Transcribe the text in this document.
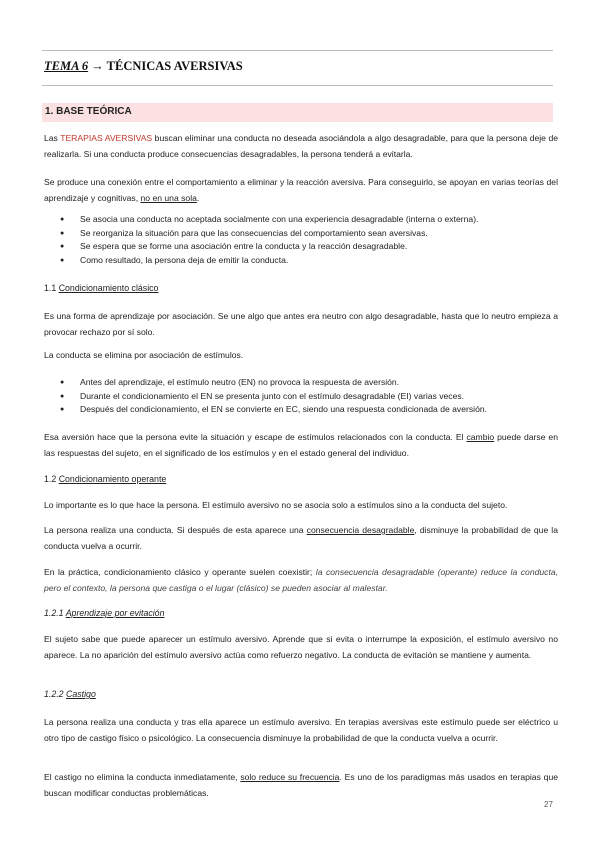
TEMA 6 → TÉCNICAS AVERSIVAS
1. BASE TEÓRICA
Las TERAPIAS AVERSIVAS buscan eliminar una conducta no deseada asociándola a algo desagradable, para que la persona deje de realizarla. Si una conducta produce consecuencias desagradables, la persona tenderá a evitarla.
Se produce una conexión entre el comportamiento a eliminar y la reacción aversiva. Para conseguirlo, se apoyan en varias teorías del aprendizaje y cognitivas, no en una sola.
● Se asocia una conducta no aceptada socialmente con una experiencia desagradable (interna o externa).
● Se reorganiza la situación para que las consecuencias del comportamiento sean aversivas.
● Se espera que se forme una asociación entre la conducta y la reacción desagradable.
● Como resultado, la persona deja de emitir la conducta.
1.1 Condicionamiento clásico
Es una forma de aprendizaje por asociación. Se une algo que antes era neutro con algo desagradable, hasta que lo neutro empieza a provocar rechazo por sí solo.
La conducta se elimina por asociación de estímulos.
● Antes del aprendizaje, el estímulo neutro (EN) no provoca la respuesta de aversión.
● Durante el condicionamiento el EN se presenta junto con el estímulo desagradable (EI) varias veces.
● Después del condicionamiento, el EN se convierte en EC, siendo una respuesta condicionada de aversión.
Esa aversión hace que la persona evite la situación y escape de estímulos relacionados con la conducta. El cambio puede darse en las respuestas del sujeto, en el significado de los estímulos y en el estado general del individuo.
1.2 Condicionamiento operante
Lo importante es lo que hace la persona. El estímulo aversivo no se asocia solo a estímulos sino a la conducta del sujeto.
La persona realiza una conducta. Si después de esta aparece una consecuencia desagradable, disminuye la probabilidad de que la conducta vuelva a ocurrir.
En la práctica, condicionamiento clásico y operante suelen coexistir; la consecuencia desagradable (operante) reduce la conducta, pero el contexto, la persona que castiga o el lugar (clásico) se pueden asociar al malestar.
1.2.1 Aprendizaje por evitación
El sujeto sabe que puede aparecer un estímulo aversivo. Aprende que si evita o interrumpe la exposición, el estímulo aversivo no aparece. La no aparición del estímulo aversivo actúa como refuerzo negativo. La conducta de evitación se mantiene y aumenta.
1.2.2 Castigo
La persona realiza una conducta y tras ella aparece un estímulo aversivo. En terapias aversivas este estímulo puede ser eléctrico u otro tipo de castigo físico o psicológico. La consecuencia disminuye la probabilidad de que la conducta vuelva a ocurrir.
El castigo no elimina la conducta inmediatamente, solo reduce su frecuencia. Es uno de los paradigmas más usados en terapias que buscan modificar conductas problemáticas.
27
